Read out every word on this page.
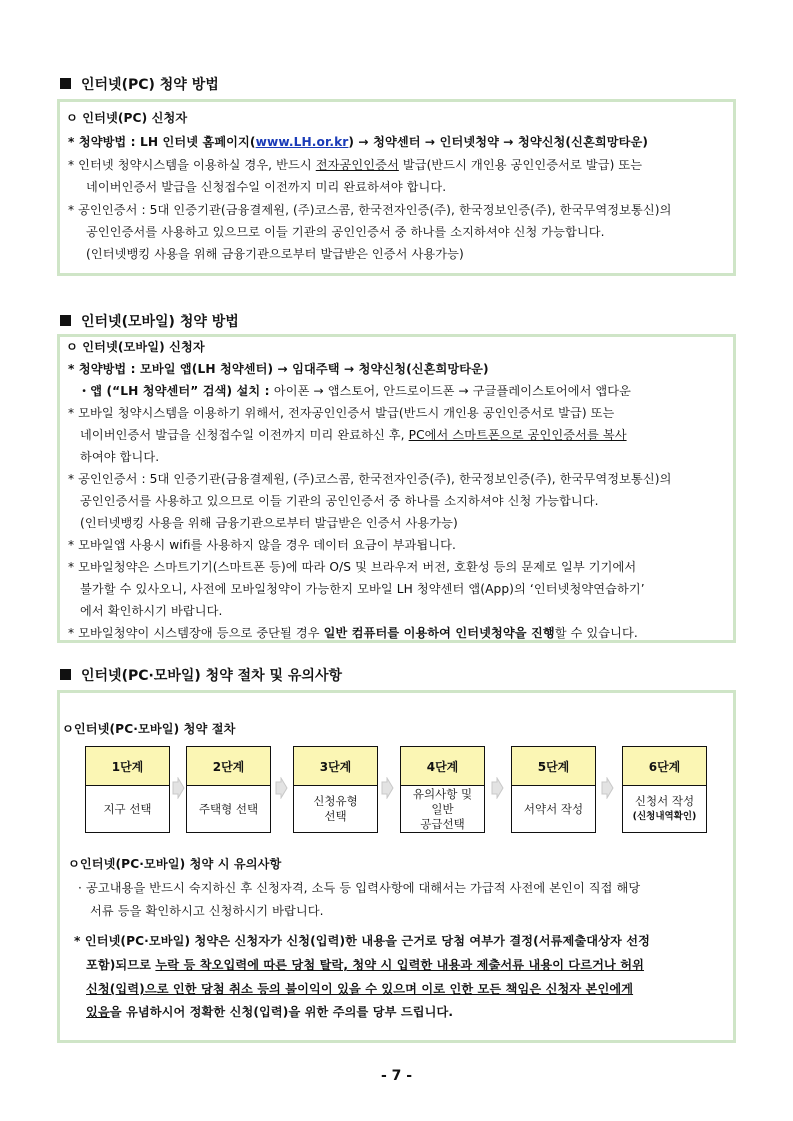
인터넷(PC) 청약 방법
ㅇ 인터넷(PC) 신청자
* 청약방법 : LH 인터넷 홈페이지(www.LH.or.kr) → 청약센터 → 인터넷청약 → 청약신청(신혼희망타운)
* 인터넷 청약시스템을 이용하실 경우, 반드시 전자공인인증서 발급(반드시 개인용 공인인증서로 발급) 또는
네이버인증서 발급을 신청접수일 이전까지 미리 완료하셔야 합니다.
* 공인인증서 : 5대 인증기관(금융결제원, (주)코스콤, 한국전자인증(주), 한국정보인증(주), 한국무역정보통신)의
공인인증서를 사용하고 있으므로 이들 기관의 공인인증서 중 하나를 소지하셔야 신청 가능합니다.
(인터넷뱅킹 사용을 위해 금융기관으로부터 발급받은 인증서 사용가능)
인터넷(모바일) 청약 방법
ㅇ 인터넷(모바일) 신청자
* 청약방법 : 모바일 앱(LH 청약센터) → 임대주택 → 청약신청(신혼희망타운)
・앱 (“LH 청약센터” 검색) 설치 : 아이폰 → 앱스토어, 안드로이드폰 → 구글플레이스토어에서 앱다운
* 모바일 청약시스템을 이용하기 위해서, 전자공인인증서 발급(반드시 개인용 공인인증서로 발급) 또는
네이버인증서 발급을 신청접수일 이전까지 미리 완료하신 후, PC에서 스마트폰으로 공인인증서를 복사
하여야 합니다.
* 공인인증서 : 5대 인증기관(금융결제원, (주)코스콤, 한국전자인증(주), 한국정보인증(주), 한국무역정보통신)의
공인인증서를 사용하고 있으므로 이들 기관의 공인인증서 중 하나를 소지하셔야 신청 가능합니다.
(인터넷뱅킹 사용을 위해 금융기관으로부터 발급받은 인증서 사용가능)
* 모바일앱 사용시 wifi를 사용하지 않을 경우 데이터 요금이 부과됩니다.
* 모바일청약은 스마트기기(스마트폰 등)에 따라 O/S 및 브라우저 버전, 호환성 등의 문제로 일부 기기에서
불가할 수 있사오니, 사전에 모바일청약이 가능한지 모바일 LH 청약센터 앱(App)의 ‘인터넷청약연습하기’
에서 확인하시기 바랍니다.
* 모바일청약이 시스템장애 등으로 중단될 경우 일반 컴퓨터를 이용하여 인터넷청약을 진행할 수 있습니다.
인터넷(PC·모바일) 청약 절차 및 유의사항
ㅇ인터넷(PC·모바일) 청약 절차
1단계
지구 선택
2단계
주택형 선택
3단계
신청유형
선택
4단계
유의사항 및
일반
공급선택
5단계
서약서 작성
6단계
신청서 작성
(신청내역확인)
ㅇ인터넷(PC·모바일) 청약 시 유의사항
· 공고내용을 반드시 숙지하신 후 신청자격, 소득 등 입력사항에 대해서는 가급적 사전에 본인이 직접 해당
서류 등을 확인하시고 신청하시기 바랍니다.
* 인터넷(PC·모바일) 청약은 신청자가 신청(입력)한 내용을 근거로 당첨 여부가 결정(서류제출대상자 선정
포함)되므로 누락 등 착오입력에 따른 당첨 탈락, 청약 시 입력한 내용과 제출서류 내용이 다르거나 허위
신청(입력)으로 인한 당첨 취소 등의 불이익이 있을 수 있으며 이로 인한 모든 책임은 신청자 본인에게
있음을 유념하시어 정확한 신청(입력)을 위한 주의를 당부 드립니다.
- 7 -
